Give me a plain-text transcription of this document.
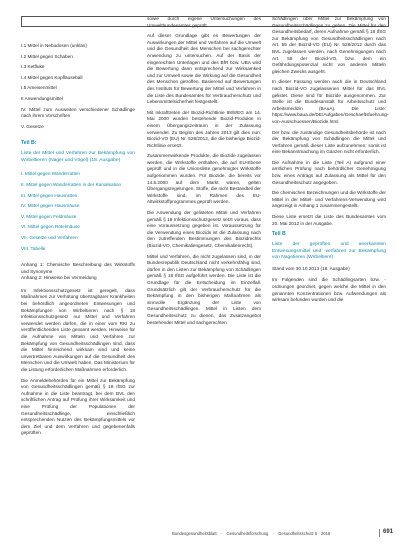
I.1 Mittel in Nebudosen (unklas)

I.2 Mittel gegen Schaben

I.3 Ketfluke

I.4 Mittel gegen Kopfläuseball

I.5 Ameisenmittel

II Anwendungsmittel

IV. Mittel zum Ausweiten verschiedener Schädlinge nach ihrem Vorschriften

V. Gesetze

Teil B:

Liste der Mittel und Verfahren zur Bekämpfung von Wirbeltieren (Nager und Vögel) (18. Ausgabe)

I. Mittel gegen Wanderratten

II. Mittel gegen Wanderratten in der Kanalisation

III. Mittel gegen Hausratten

IV. Mittel gegen Hausmäuse

V. Mittel gegen Feldmäuse

VI. Mittel gegen Rötelmäuse

VII. Gesetze und Verfahren

VIII. Tabelle

Anhang 1: Chemische Beschreibung des Wirkstoffs und Synonyme

Anhang 2: Hinweise bei Vermeidung

Im Infektionsschutzgesetz ist geregelt, dass Maßnahmen zur Verhütung übertragbarer Krankheiten bei behördlich angeordneten Entwesungen und Bekämpfungen von Wirbeltieren nach § 18 Infektionsschutzgesetz nur Mittel und Verfahren verwendet werden dürfen, die in einer vom RKI zu veröffentlichenden Liste genannt werden. Hinweise für die Aufnahme von Mitteln und Verfahren zur Bekämpfung von Gesundheitsschädlingen sind, dass die Mittel hinreichend wirksam sind und keine unvertretbaren Auswirkungen auf die Gesundheit des Menschen und die Umwelt haben. Das Ministerium für die Listung erforderlichen Maßnahmen erforderlich.

Die Anmeldebehörden für ein Mittel zur Bekämpfung von Gesundheitsschädlingen gemäß § 18 IfSG zur Aufnahme in die Liste beantragt, bei dem BVL den schriftlichen Antrag auf Prüfung ihrer Wirksamkeit und eine Prüfung der Populationen der Gesundheitsschädlinge, einschließlich entsprechenden Nutzen des Bekämpfungsmittels vor dem Ziel und dem Verfahren und gegebenenfalls geprüften

sowie durch eigene Untersuchungen des Umweltbundesamtes geprüft.

Auf dieser Grundlage gibt es Bewertungen der Auswirkungen der Mittel und Verfahren auf die Umwelt und die Gesundheit des Menschen bei sachgerechter Anwendung zu untersuchen. Auf der Basis der eingereichten Unterlagen und des BfR bzw. UBA wird die Bewertung dann entsprechend zur Wirksamkeit und zur Umwelt sowie die Wirkung auf die Gesundheit des Menschen getroffen. Basierend auf Bewertungen des Instituts für Bewertung der Mittel und Verfahren in die Liste des Bundesamtes für Verbraucherschutz und Lebensmittelsicherheit festgestellt.

Mit Inkrafttreten der Biozid-Richtlinie 98/8/EG am 14. Mai 2000 wurden bestehende Biozid-Produkte in einem Übergangszeitraum in der Zulassung verwendet. Zu Beginn des Jahres 2013 gilt dies nun: Biozid-VO (EU) Nr. 528/2012, die die bisherige Biozid-Richtlinie ersetzt.

Zusammenwirkende Produkte, die Biozide zugelassen werden, die Wirkstoffe enthalten, die auf EU-Ebene geprüft und in die Unionsliste genehmigter Wirkstoffe aufgenommen wurden. Für Biozide, die bereits vor 14.5.2000 auf dem Markt waren, gelten Übergangsregelungen. Stoffe, die nicht Bestandteil der Wirkstoffe sind, im Rahmen des EU-Altwirkstoffprogrammes geprüft werden.

Die Anwendung der gelisteten Mittel und Verfahren gemäß § 18 Infektionsschutzgesetz setzt voraus, dass eine Voraussetzung gegeben ist. Voraussetzung für die Verwendung eines Biozids ist die Zulassung nach den zutreffenden Bestimmungen des Biozidrechts (Biozid-VO, Chemikaliengesetz, Chemikalienrecht).

Mittel und Verfahren, die nicht zugelassen sind, in der Bundesrepublik Deutschland nicht verkehrsfähig sind, dürfen in den Listen zur Bekämpfung von Schädlingen gemäß § 18 IfSG aufgeführt werden. Die Liste ist die Grundlage für die Entscheidung im Einzelfall. Grundsätzlich gilt der Verbraucherschutz für die Bekämpfung in den bisherigen Maßnahmen als sinnvolle Ergänzung der Liste von Gesundheitsschädlingen. Mittel in Listen dem Gesundheitsschutz zu dienen, das Zusatzangebot bestehender Mittel und sachgerechten

Schädlingen über Mittel zur Bekämpfung von Gesundheitsschädlingen zu geben. Die Mittel für den Gesundheitsbedarf, deren Aufnahme gemäß § 18 IfSG zur Bekämpfung von Gesundheitsschädlingen nach Art. 55 der Biozid-VO (EU) Nr. 528/2012 durch das BVL zugelassen werden, nach Genehmigungen nach Art. 55 der Biozid-VO, bzw. dem ein Gefährdungspotenzial nicht von anderen Mitteln gleichen Zwecks ausgeht.

In dieser Fassung werden auch die in Deutschland nach Biozid-VO zugelassenen Mittel für das BVL gelistet. Diese sind für Biozide ausgenommen. Zur Stelle ist die Bundesanstalt für Arbeitsschutz und Arbeitsmedizin (BAuA). Die Liste: https://www.baua.de/DE/Aufgaben/Geschaeftsfuehrung-von-Ausschuessen/Biozide.html

Der bzw. die zuständige Gesundheitsbehörde ist nach der Bekämpfung von Schädlingen die Mittel und Verfahren gemäß dieser Liste aufzunehmen; somit ist eine Bekanntmachung im Ganzen nicht erforderlich.

Die Aufnahme in die Liste (Teil A) aufgrund einer amtlichen Prüfung nach behördlicher Genehmigung bzw. eines Antrags auf Zulassung als Mittel für den Gesundheitsschutz angegeben.

Die chemischen Bezeichnungen und die Wirkstoffe der Mittel in der Mittel- und Verfahrens-Verwendung wird angezeigt in Anhang 1 zusammengestellt.

Diese Liste ersetzt die Liste des Bundesamtes vom 20. Mai 2012 in der Ausgabe.

Teil B

Liste der geprüften und anerkannten Entwesungsmittel und -verfahren zur Bekämpfung von Nagetieren (Wirbeltiere)

Stand vom 30.10.2013 (18. Ausgabe)

Im Folgenden sind die Schädlingsarten bzw. -ordnungen geordnet, gegen welche die Mittel in den genannten Konzentrationen bzw. Aufwendungen als wirksam befunden wurden und die

Bundesgesundheitsblatt - Gesundheitsforschung - Gesundheitsschutz 5 · 2016	691
